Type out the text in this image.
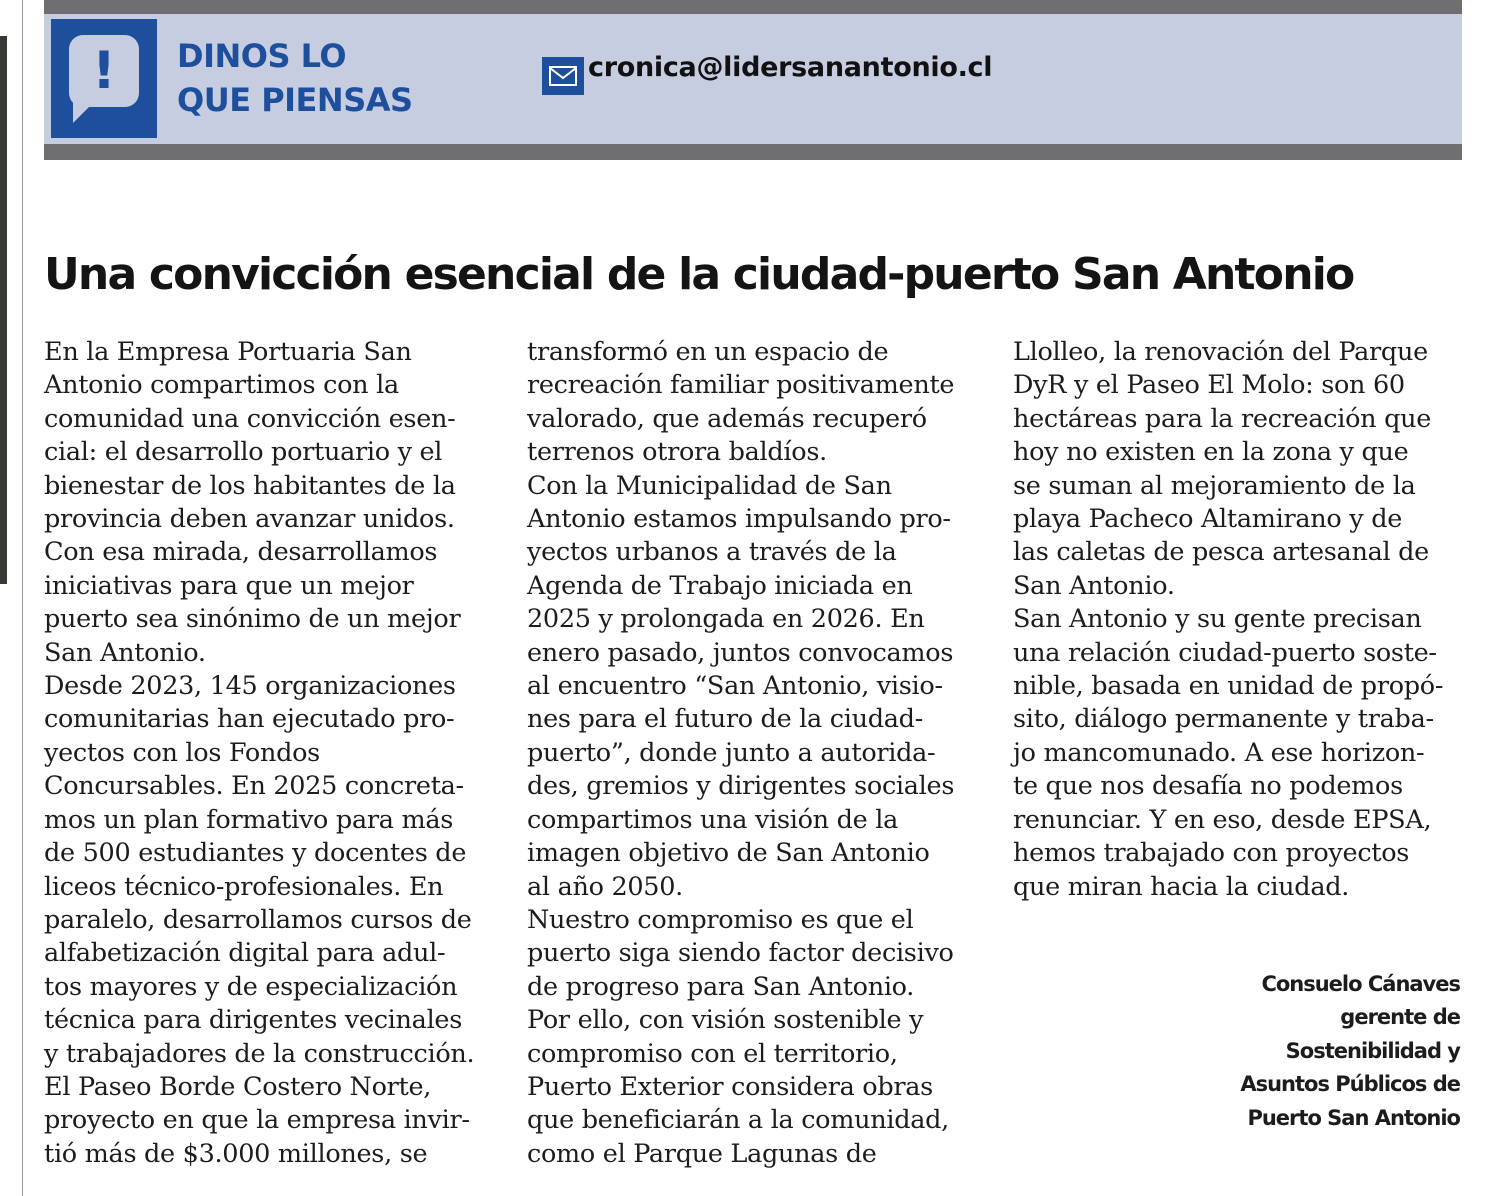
!	DINOS LO
QUE PIENSAS
cronica@lidersanantonio.cl
Una convicción esencial de la ciudad-puerto San Antonio
En la Empresa Portuaria San
Antonio compartimos con la
comunidad una convicción esen-
cial: el desarrollo portuario y el
bienestar de los habitantes de la
provincia deben avanzar unidos.
Con esa mirada, desarrollamos
iniciativas para que un mejor
puerto sea sinónimo de un mejor
San Antonio.
Desde 2023, 145 organizaciones
comunitarias han ejecutado pro-
yectos con los Fondos
Concursables. En 2025 concreta-
mos un plan formativo para más
de 500 estudiantes y docentes de
liceos técnico-profesionales. En
paralelo, desarrollamos cursos de
alfabetización digital para adul-
tos mayores y de especialización
técnica para dirigentes vecinales
y trabajadores de la construcción.
El Paseo Borde Costero Norte,
proyecto en que la empresa invir-
tió más de $3.000 millones, se
transformó en un espacio de
recreación familiar positivamente
valorado, que además recuperó
terrenos otrora baldíos.
Con la Municipalidad de San
Antonio estamos impulsando pro-
yectos urbanos a través de la
Agenda de Trabajo iniciada en
2025 y prolongada en 2026. En
enero pasado, juntos convocamos
al encuentro “San Antonio, visio-
nes para el futuro de la ciudad-
puerto”, donde junto a autorida-
des, gremios y dirigentes sociales
compartimos una visión de la
imagen objetivo de San Antonio
al año 2050.
Nuestro compromiso es que el
puerto siga siendo factor decisivo
de progreso para San Antonio.
Por ello, con visión sostenible y
compromiso con el territorio,
Puerto Exterior considera obras
que beneficiarán a la comunidad,
como el Parque Lagunas de
Llolleo, la renovación del Parque
DyR y el Paseo El Molo: son 60
hectáreas para la recreación que
hoy no existen en la zona y que
se suman al mejoramiento de la
playa Pacheco Altamirano y de
las caletas de pesca artesanal de
San Antonio.
San Antonio y su gente precisan
una relación ciudad-puerto soste-
nible, basada en unidad de propó-
sito, diálogo permanente y traba-
jo mancomunado. A ese horizon-
te que nos desafía no podemos
renunciar. Y en eso, desde EPSA,
hemos trabajado con proyectos
que miran hacia la ciudad.
Consuelo Cánaves
gerente de
Sostenibilidad y
Asuntos Públicos de
Puerto San Antonio
